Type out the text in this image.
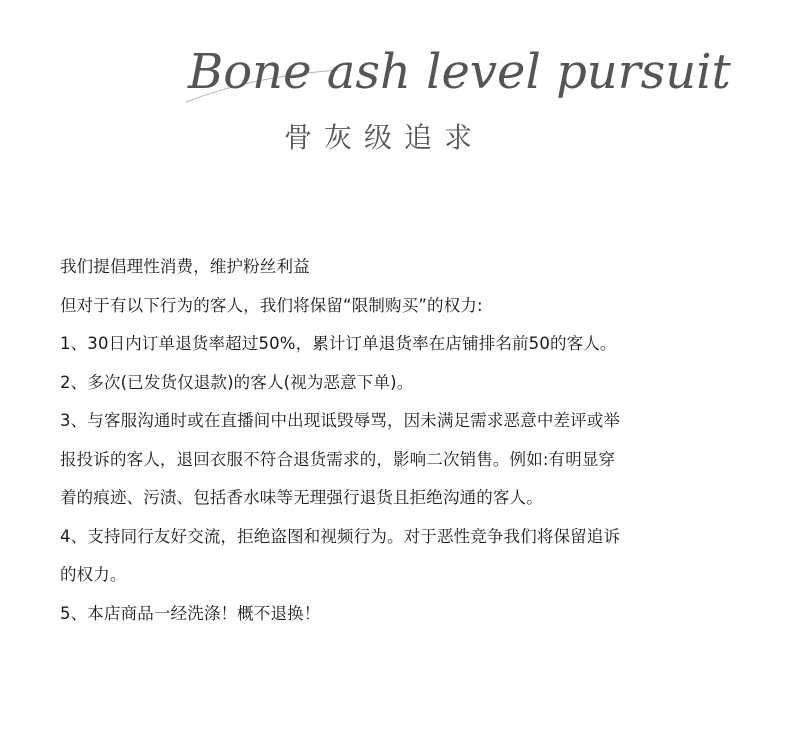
Bone ash level pursuit
骨灰级追求
我们提倡理性消费，维护粉丝利益
但对于有以下行为的客人，我们将保留“限制购买”的权力:
1、30日内订单退货率超过50%，累计订单退货率在店铺排名前50的客人。
2、多次(已发货仅退款)的客人(视为恶意下单)。
3、与客服沟通时或在直播间中出现诋毁辱骂，因未满足需求恶意中差评或举
报投诉的客人，退回衣服不符合退货需求的，影响二次销售。例如:有明显穿
着的痕迹、污渍、包括香水味等无理强行退货且拒绝沟通的客人。
4、支持同行友好交流，拒绝盗图和视频行为。对于恶性竞争我们将保留追诉
的权力。
5、本店商品一经洗涤！概不退换！
